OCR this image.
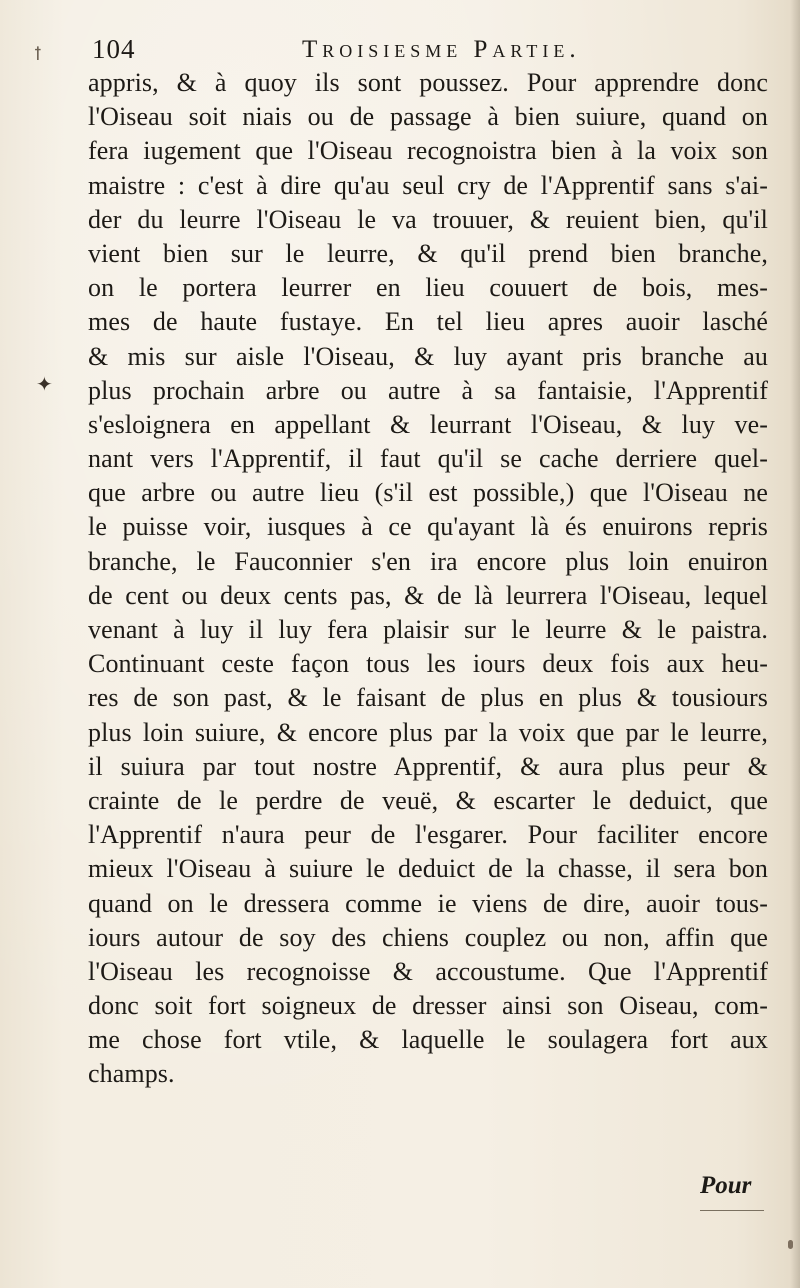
ꝉ 104	Troisiesme Partie.
✦
appris, & à quoy ils sont poussez. Pour apprendre donc
l'Oiseau soit niais ou de passage à bien suiure, quand on
fera iugement que l'Oiseau recognoistra bien à la voix son
maistre : c'est à dire qu'au seul cry de l'Apprentif sans s'ai-
der du leurre l'Oiseau le va trouuer, & reuient bien, qu'il
vient bien sur le leurre, & qu'il prend bien branche,
on le portera leurrer en lieu couuert de bois, mes-
mes de haute fustaye. En tel lieu apres auoir lasché
& mis sur aisle l'Oiseau, & luy ayant pris branche au
plus prochain arbre ou autre à sa fantaisie, l'Apprentif
s'esloignera en appellant & leurrant l'Oiseau, & luy ve-
nant vers l'Apprentif, il faut qu'il se cache derriere quel-
que arbre ou autre lieu (s'il est possible,) que l'Oiseau ne
le puisse voir, iusques à ce qu'ayant là és enuirons repris
branche, le Fauconnier s'en ira encore plus loin enuiron
de cent ou deux cents pas, & de là leurrera l'Oiseau, lequel
venant à luy il luy fera plaisir sur le leurre & le paistra.
Continuant ceste façon tous les iours deux fois aux heu-
res de son past, & le faisant de plus en plus & tousiours
plus loin suiure, & encore plus par la voix que par le leurre,
il suiura par tout nostre Apprentif, & aura plus peur &
crainte de le perdre de veuë, & escarter le deduict, que
l'Apprentif n'aura peur de l'esgarer. Pour faciliter encore
mieux l'Oiseau à suiure le deduict de la chasse, il sera bon
quand on le dressera comme ie viens de dire, auoir tous-
iours autour de soy des chiens couplez ou non, affin que
l'Oiseau les recognoisse & accoustume. Que l'Apprentif
donc soit fort soigneux de dresser ainsi son Oiseau, com-
me chose fort vtile, & laquelle le soulagera fort aux
champs.
Pour
